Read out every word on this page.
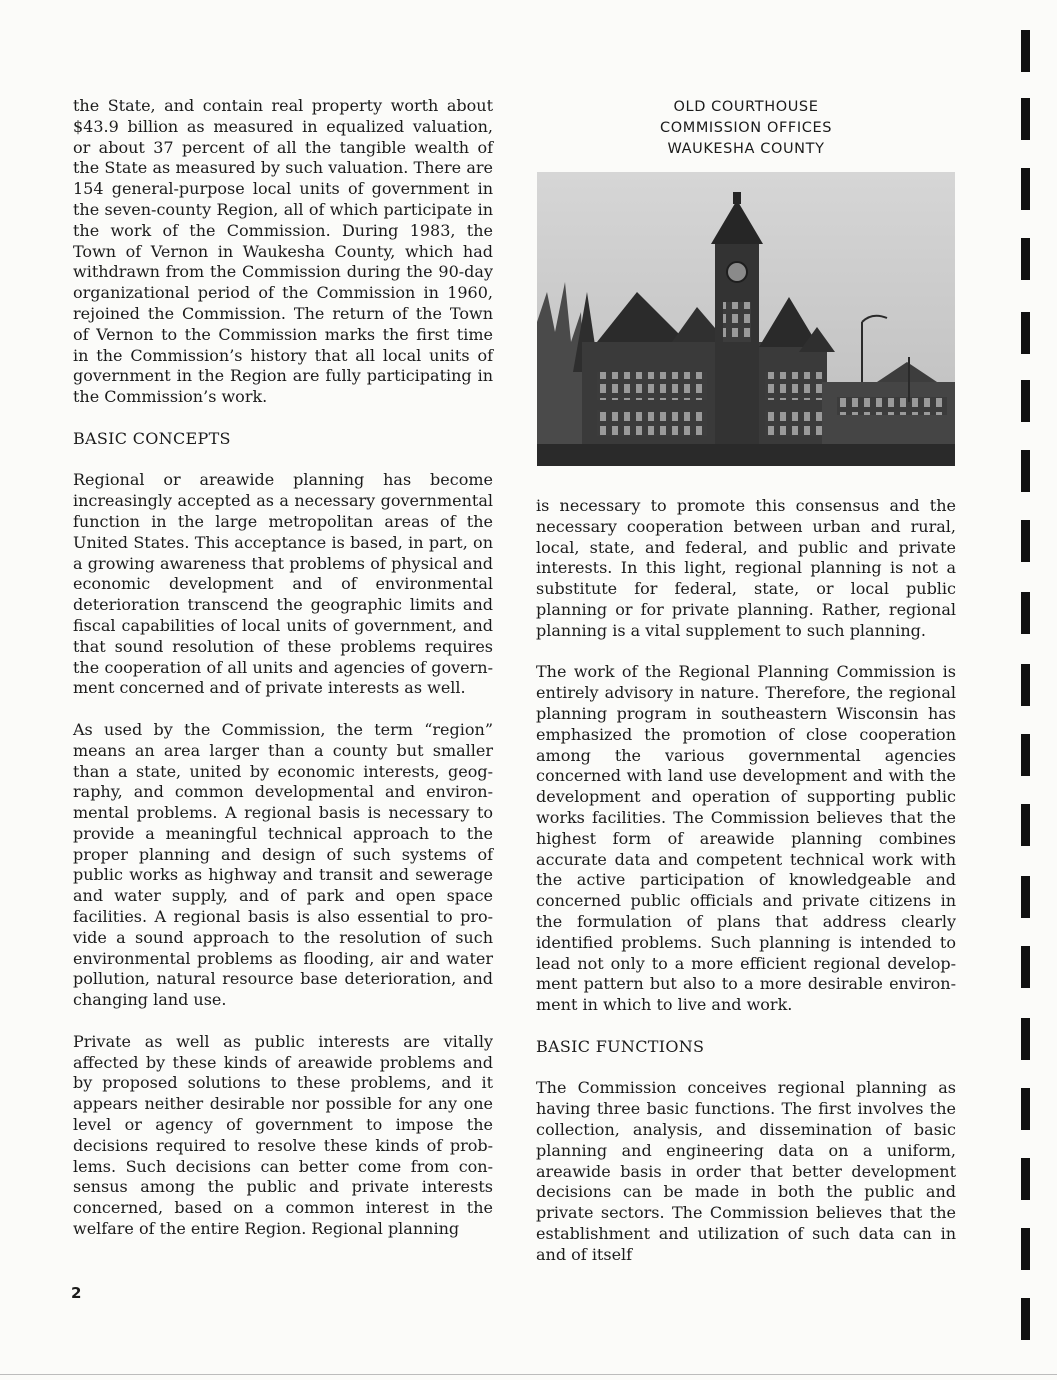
the State, and contain real property worth about $43.9 billion as measured in equalized valuation, or about 37 percent of all the tangible wealth of the State as measured by such valuation. There are 154 general-purpose local units of government in the seven-county Region, all of which participate in the work of the Commission. During 1983, the Town of Vernon in Waukesha County, which had withdrawn from the Commission during the 90-day organizational period of the Commission in 1960, rejoined the Commission. The return of the Town of Vernon to the Commission marks the first time in the Commission’s history that all local units of government in the Region are fully participating in the Commission’s work.

BASIC CONCEPTS

Regional or areawide planning has become increasingly accepted as a necessary governmental function in the large metropolitan areas of the United States. This acceptance is based, in part, on a growing awareness that problems of physical and economic development and of environmental deterioration transcend the geographic limits and fiscal capabilities of local units of government, and that sound resolution of these problems requires the cooperation of all units and agencies of government concerned and of private interests as well.

As used by the Commission, the term “region” means an area larger than a county but smaller than a state, united by economic interests, geography, and common developmental and environmental problems. A regional basis is necessary to provide a meaningful technical approach to the proper planning and design of such systems of public works as highway and transit and sewerage and water supply, and of park and open space facilities. A regional basis is also essential to provide a sound approach to the resolution of such environmental problems as flooding, air and water pollution, natural resource base deterioration, and changing land use.

Private as well as public interests are vitally affected by these kinds of areawide problems and by proposed solutions to these problems, and it appears neither desirable nor possible for any one level or agency of government to impose the decisions required to resolve these kinds of problems. Such decisions can better come from consensus among the public and private interests concerned, based on a common interest in the welfare of the entire Region. Regional planning

OLD COURTHOUSE
COMMISSION OFFICES
WAUKESHA COUNTY

is necessary to promote this consensus and the necessary cooperation between urban and rural, local, state, and federal, and public and private interests. In this light, regional planning is not a substitute for federal, state, or local public planning or for private planning. Rather, regional planning is a vital supplement to such planning.

The work of the Regional Planning Commission is entirely advisory in nature. Therefore, the regional planning program in southeastern Wisconsin has emphasized the promotion of close cooperation among the various governmental agencies concerned with land use development and with the development and operation of supporting public works facilities. The Commission believes that the highest form of areawide planning combines accurate data and competent technical work with the active participation of knowledgeable and concerned public officials and private citizens in the formulation of plans that address clearly identified problems. Such planning is intended to lead not only to a more efficient regional development pattern but also to a more desirable environment in which to live and work.

BASIC FUNCTIONS

The Commission conceives regional planning as having three basic functions. The first involves the collection, analysis, and dissemination of basic planning and engineering data on a uniform, areawide basis in order that better development decisions can be made in both the public and private sectors. The Commission believes that the establishment and utilization of such data can in and of itself

2
